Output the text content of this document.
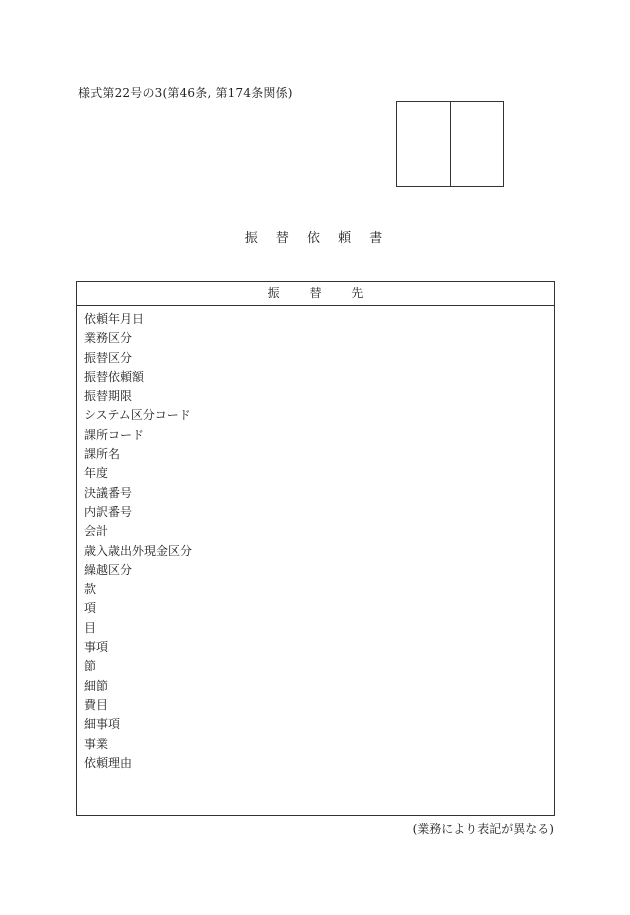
様式第22号の3(第46条, 第174条関係)
振 替 依 頼 書
振 替 先
依頼年月日
業務区分
振替区分
振替依頼額
振替期限
システム区分コード
課所コード
課所名
年度
決議番号
内訳番号
会計
歳入歳出外現金区分
繰越区分
款
項
目
事項
節
細節
費目
細事項
事業
依頼理由
(業務により表記が異なる)
